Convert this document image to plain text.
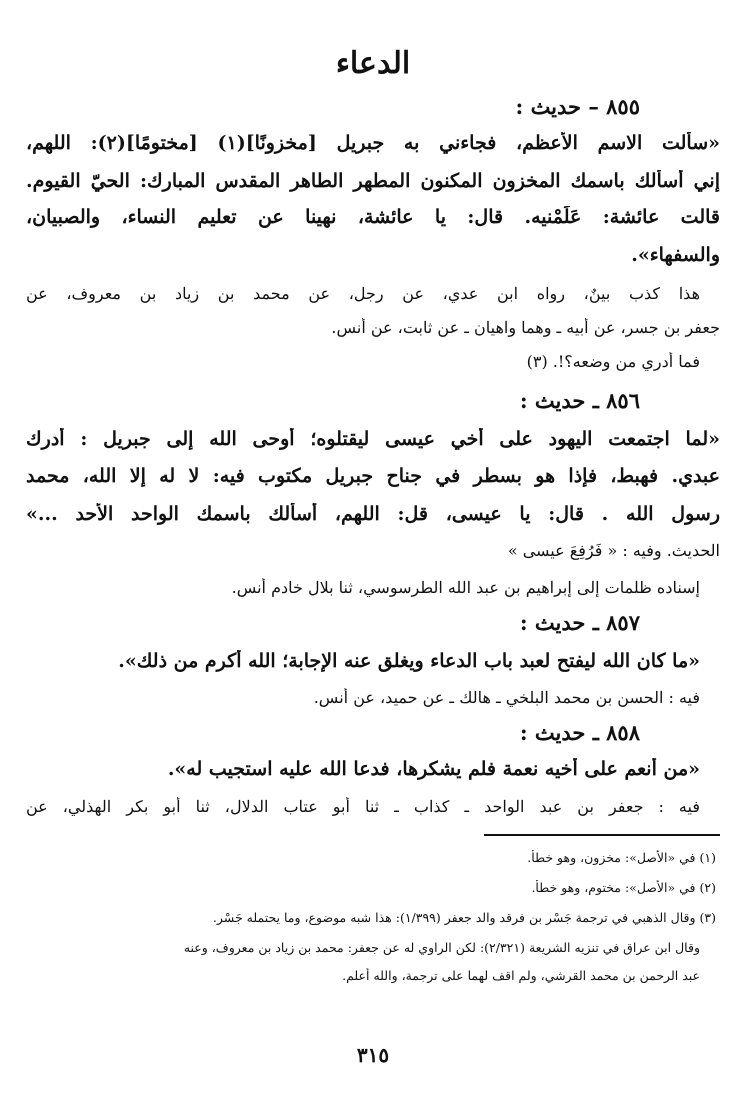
الدعاء
٨٥٥ – حديث :
«سألت الاسم الأعظم، فجاءني به جبريل [مخزونًا](١) [مختومًا](٢): اللهم،
إني أسألك باسمك المخزون المكنون المطهر الطاهر المقدس المبارك: الحيّ القيوم.
قالت عائشة: عَلِّمْنيه. قال: يا عائشة، نهينا عن تعليم النساء، والصبيان،
والسفهاء».
هذا كذب بينٌ، رواه ابن عدي، عن رجل، عن محمد بن زياد بن معروف، عن
جعفر بن جسر، عن أبيه ـ وهما واهيان ـ عن ثابت، عن أنس.
فما أدري من وضعه؟!. (٣)
٨٥٦ ـ حديث :
«لما اجتمعت اليهود على أخي عيسى ليقتلوه؛ أوحى الله إلى جبريل : أدرك
عبدي. فهبط، فإذا هو بسطر في جناح جبريل مكتوب فيه: لا له إلا الله، محمد
رسول الله . قال: يا عيسى، قل: اللهم، أسألك باسمك الواحد الأحد ...»
الحديث. وفيه : « فَرُفِعَ عيسى »
إسناده ظلمات إلى إبراهيم بن عبد الله الطرسوسي، ثنا بلال خادم أنس.
٨٥٧ ـ حديث :
«ما كان الله ليفتح لعبد باب الدعاء ويغلق عنه الإجابة؛ الله أكرم من ذلك».
فيه : الحسن بن محمد البلخي ـ هالك ـ عن حميد، عن أنس.
٨٥٨ ـ حديث :
«من أنعم على أخيه نعمة فلم يشكرها، فدعا الله عليه استجيب له».
فيه : جعفر بن عبد الواحد ـ كذاب ـ ثنا أبو عتاب الدلال، ثنا أبو بكر الهذلي، عن
(١) في «الأصل»: مخزون، وهو خطأ.
(٢) في «الأصل»: مختوم، وهو خطأ.
(٣) وقال الذهبي في ترجمة جَسْر بن فرقد والد جعفر (١/٣٩٩): هذا شبه موضوع، وما يحتمله جَسْر.
وقال ابن عراق في تنزيه الشريعة (٢/٣٢١): لكن الراوي له عن جعفر: محمد بن زياد بن معروف، وعنه
عبد الرحمن بن محمد القرشي، ولم اقف لهما على ترجمة، والله أعلم.
٣١٥
